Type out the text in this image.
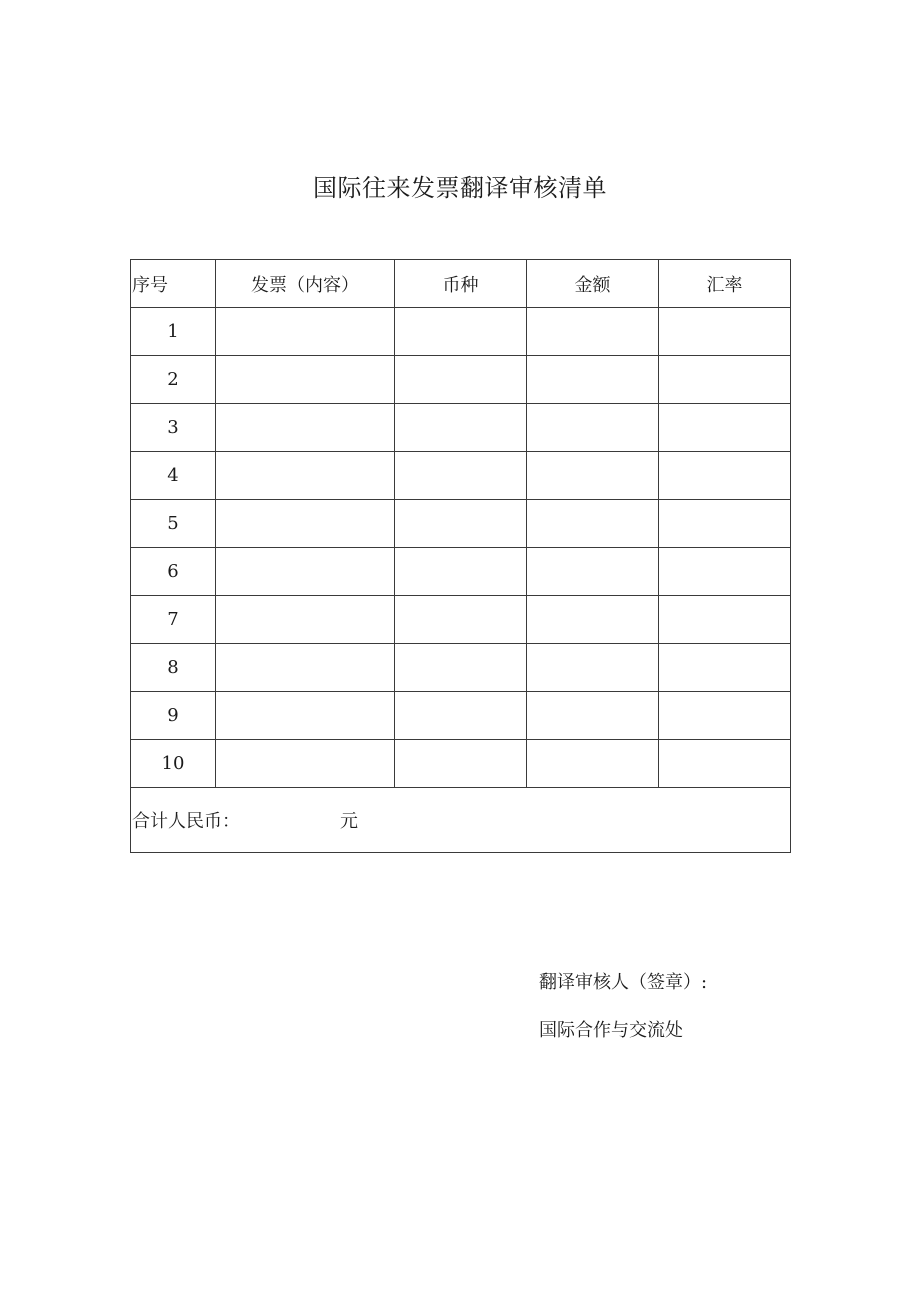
国际往来发票翻译审核清单
序号	发票（内容）	币种	金额	汇率
1				
2				
3				
4				
5				
6				
7				
8				
9				
10				
合计人民币： 元				
翻译审核人（签章）:
国际合作与交流处
